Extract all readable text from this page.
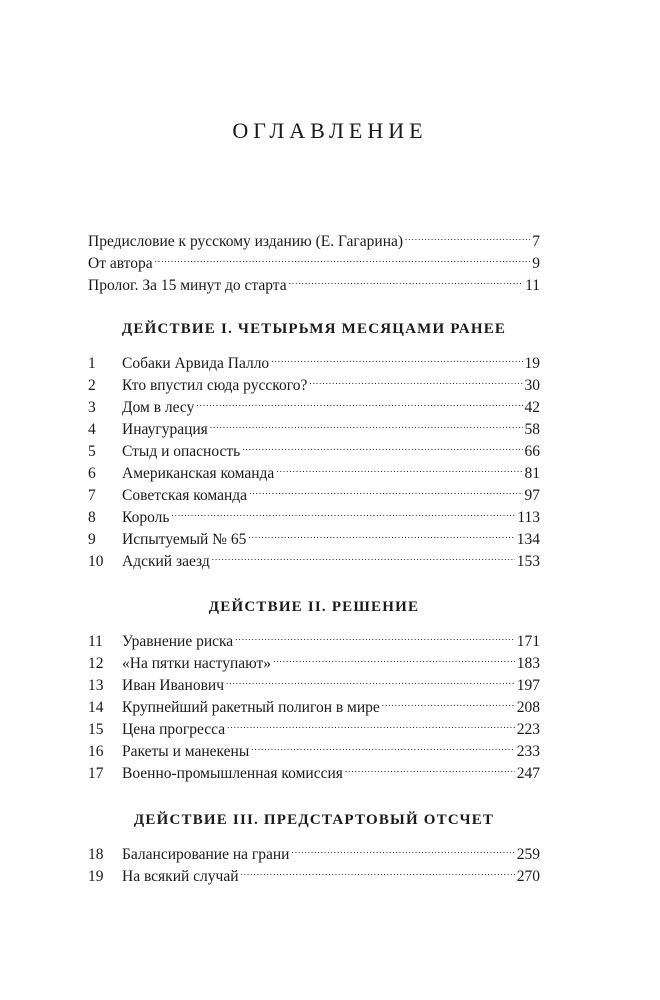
ОГЛАВЛЕНИЕ
Предисловие к русскому изданию (Е. Гагарина) .....	7
От автора .....	9
Пролог. За 15 минут до старта .....	11
ДЕЙСТВИЕ I. ЧЕТЫРЬМЯ МЕСЯЦАМИ РАНЕЕ
1	Собаки Арвида Палло .....	19
2	Кто впустил сюда русского? .....	30
3	Дом в лесу .....	42
4	Инаугурация .....	58
5	Стыд и опасность .....	66
6	Американская команда .....	81
7	Советская команда .....	97
8	Король .....	113
9	Испытуемый № 65 .....	134
10	Адский заезд .....	153
ДЕЙСТВИЕ II. РЕШЕНИЕ
11	Уравнение риска .....	171
12	«На пятки наступают» .....	183
13	Иван Иванович .....	197
14	Крупнейший ракетный полигон в мире .....	208
15	Цена прогресса .....	223
16	Ракеты и манекены .....	233
17	Военно-промышленная комиссия .....	247
ДЕЙСТВИЕ III. ПРЕДСТАРТОВЫЙ ОТСЧЕТ
18	Балансирование на грани .....	259
19	На всякий случай .....	270
